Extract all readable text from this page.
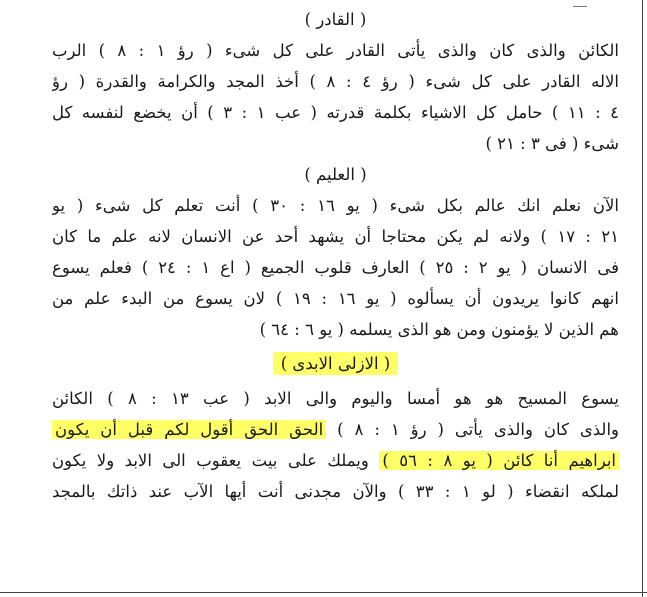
( القادر )
الكائن والذى كان والذى يأتى القادر على كل شىء ( رؤ ١ : ٨ ) الرب
الاله القادر على كل شىء ( رؤ ٤ : ٨ ) أخذ المجد والكرامة والقدرة ( رؤ
٤ : ١١ ) حامل كل الاشياء بكلمة قدرته ( عب ١ : ٣ ) أن يخضع لنفسه كل
شىء ( فى ٣ : ٢١ )
( العليم )
الآن نعلم انك عالم بكل شىء ( يو ١٦ : ٣٠ ) أنت تعلم كل شىء ( يو
٢١ : ١٧ ) ولانه لم يكن محتاجا أن يشهد أحد عن الانسان لانه علم ما كان
فى الانسان ( يو ٢ : ٢٥ ) العارف قلوب الجميع ( اع ١ : ٢٤ ) فعلم يسوع
انهم كانوا يريدون أن يسألوه ( يو ١٦ : ١٩ ) لان يسوع من البدء علم من
هم الذين لا يؤمنون ومن هو الذى يسلمه ( يو ٦ : ٦٤ )
( الازلى الابدى )
يسوع المسيح هو هو أمسا واليوم والى الابد ( عب ١٣ : ٨ ) الكائن
والذى كان والذى يأتى ( رؤ ١ : ٨ ) الحق الحق أقول لكم قبل أن يكون
ابراهيم أنا كائن ( يو ٨ : ٥٦ ) ويملك على بيت يعقوب الى الابد ولا يكون
لملكه انقضاء ( لو ١ : ٣٣ ) والآن مجدنى أنت أيها الآب عند ذاتك بالمجد
